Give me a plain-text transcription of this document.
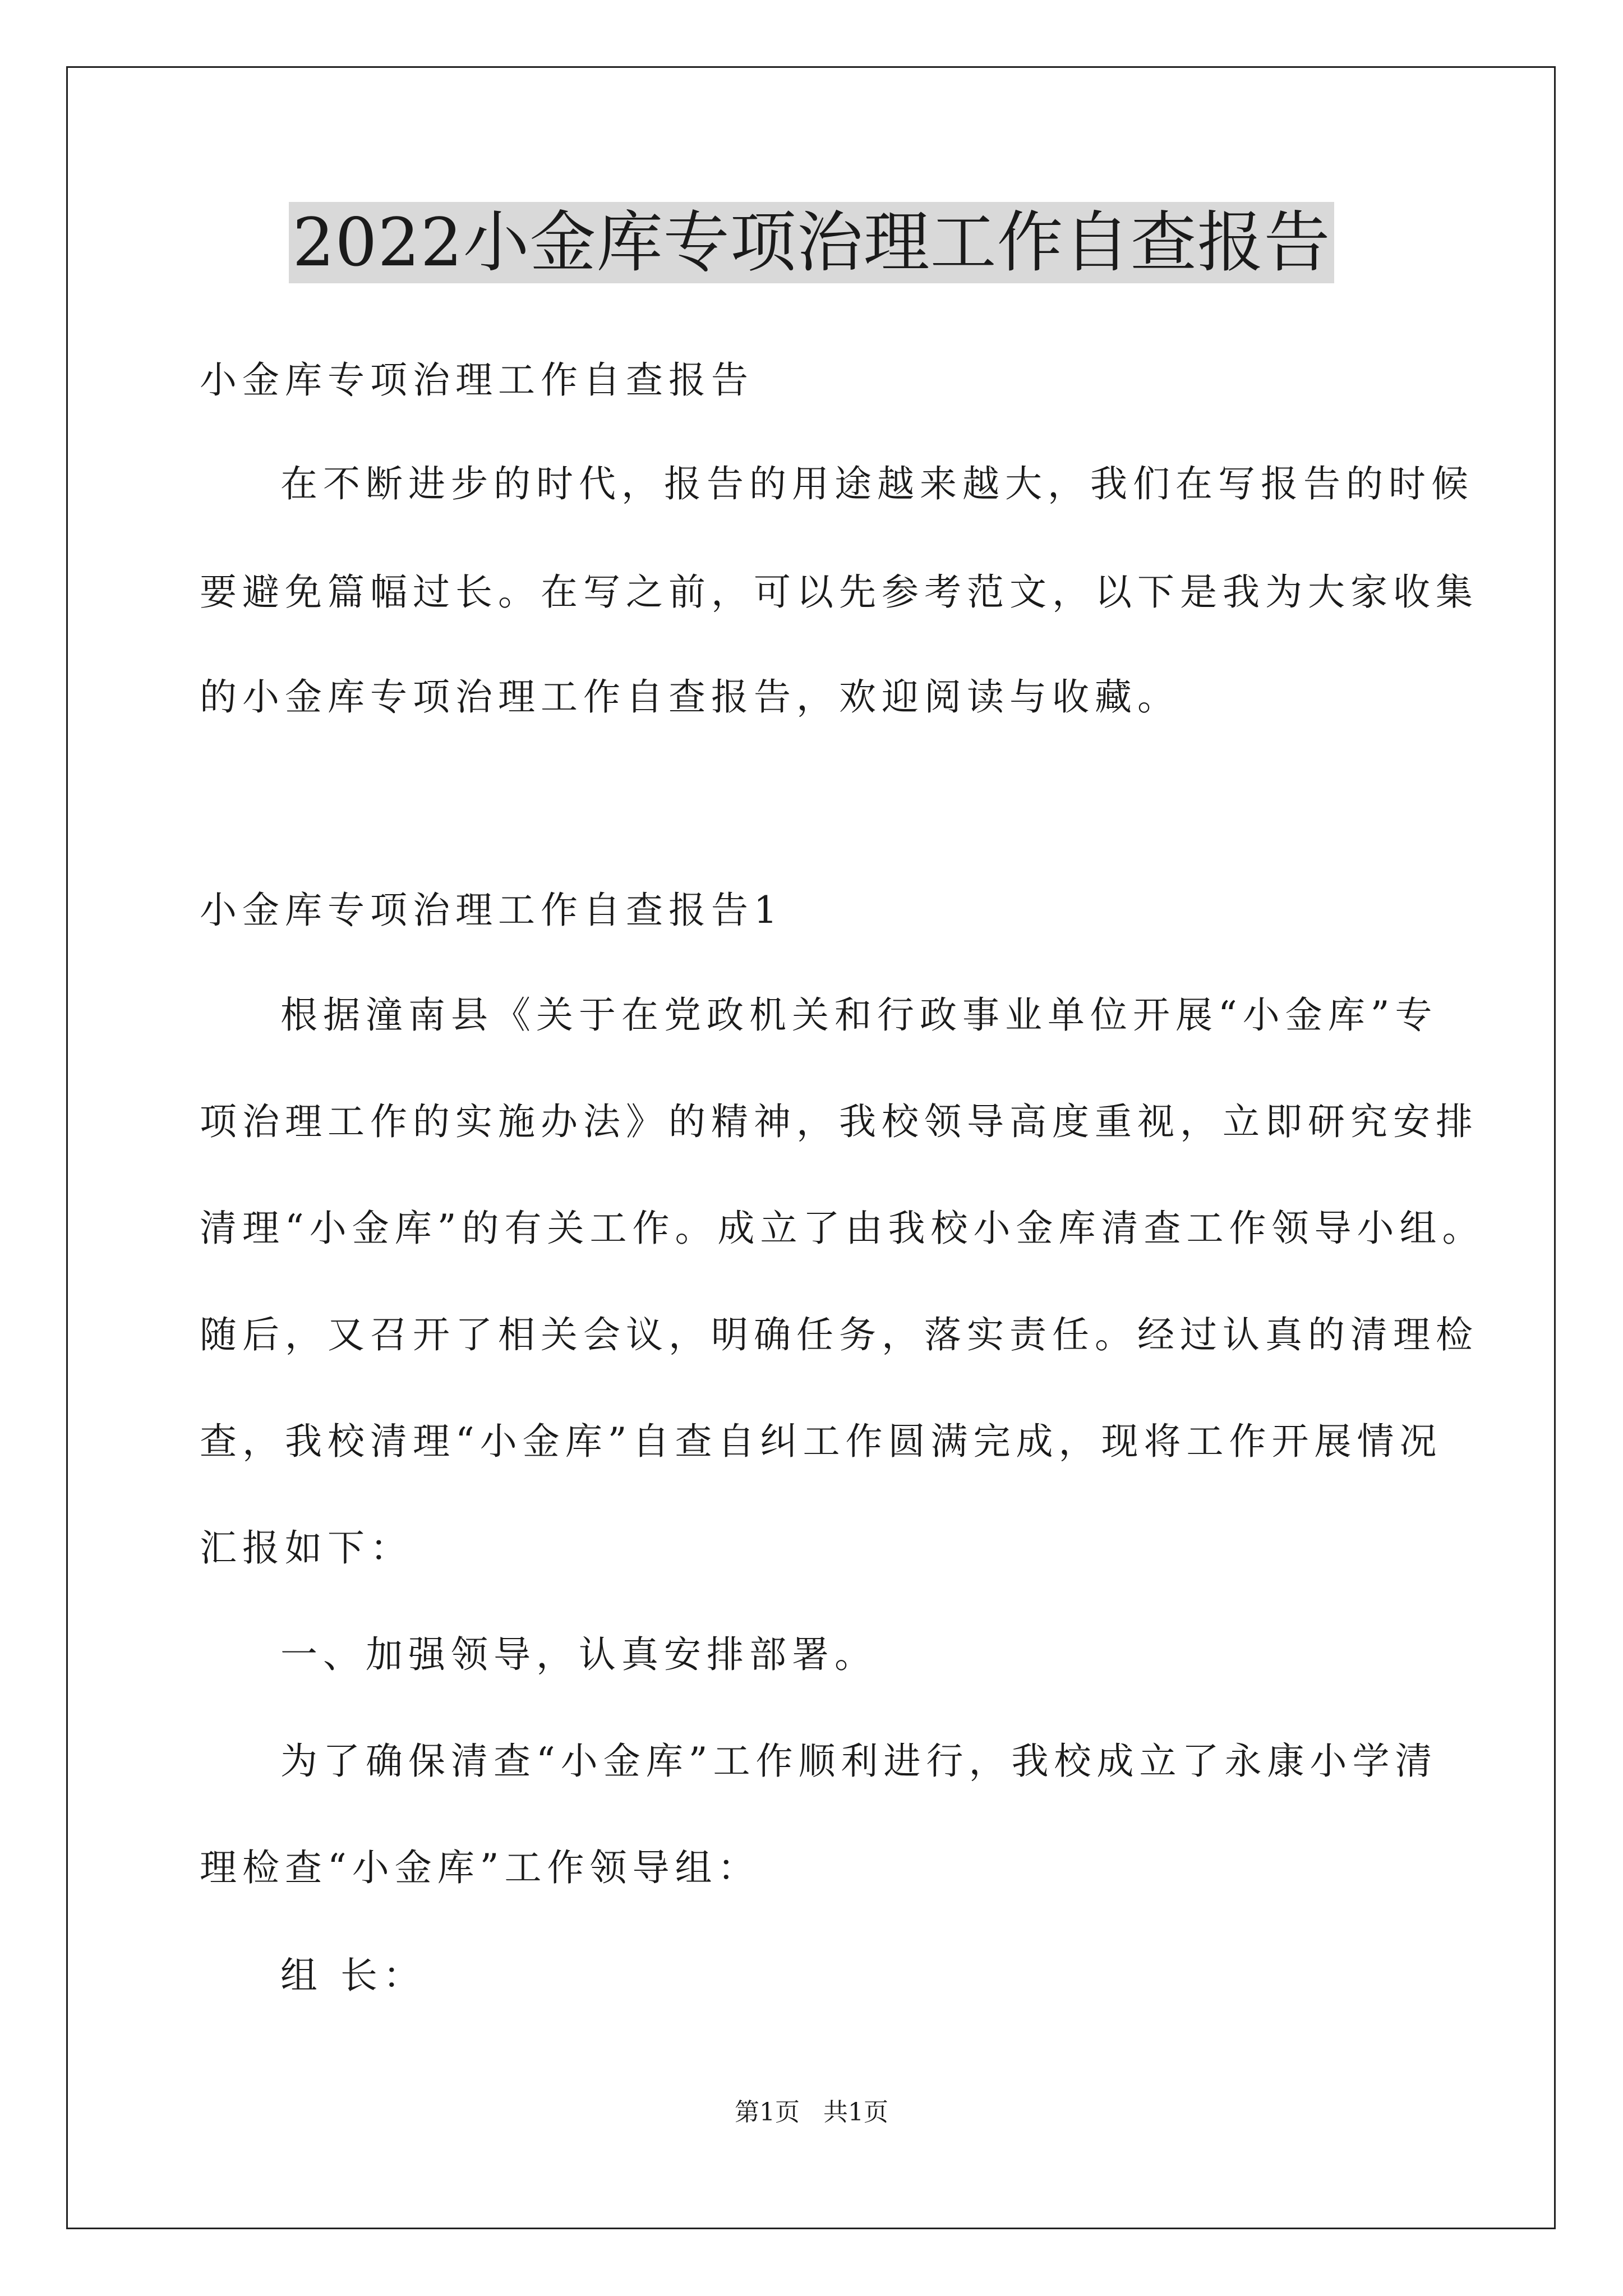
2022小金库专项治理工作自查报告
小金库专项治理工作自查报告
在不断进步的时代，报告的用途越来越大，我们在写报告的时候
要避免篇幅过长。在写之前，可以先参考范文，以下是我为大家收集
的小金库专项治理工作自查报告，欢迎阅读与收藏。
小金库专项治理工作自查报告1
根据潼南县《关于在党政机关和行政事业单位开展“小金库”专
项治理工作的实施办法》的精神，我校领导高度重视，立即研究安排
清理“小金库”的有关工作。成立了由我校小金库清查工作领导小组。
随后，又召开了相关会议，明确任务，落实责任。经过认真的清理检
查，我校清理“小金库”自查自纠工作圆满完成，现将工作开展情况
汇报如下：
一、加强领导，认真安排部署。
为了确保清查“小金库”工作顺利进行，我校成立了永康小学清
理检查“小金库”工作领导组：
组 长：
第1页   共1页
